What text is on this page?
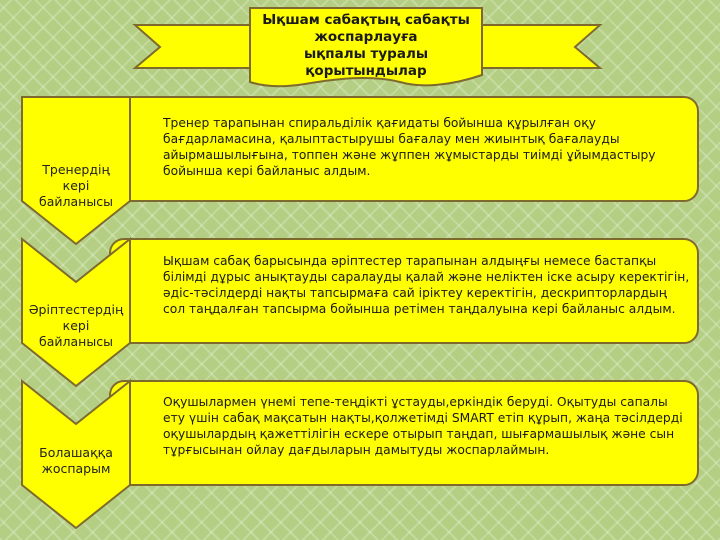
Ықшам сабақтың сабақты
жоспарлауға
ықпалы туралы
қорытындылар
Тренердің
кері
байланысы
Тренер тарапынан спиральділік қағидаты бойынша құрылған оқу бағдарламасина, қалыптастырушы бағалау мен жиынтық бағалауды айырмашылығына, топпен және жұппен жұмыстарды тиімді ұйымдастыру бойынша кері байланыс алдым.
Әріптестердің
кері
байланысы
Ықшам сабақ барысында әріптестер тарапынан алдыңғы немесе бастапқы білімді дұрыс анықтауды саралауды қалай және неліктен іске асыру керектігін, әдіс-тәсілдерді нақты тапсырмаға сай іріктеу керектігін, дескрипторлардың сол таңдалған тапсырма бойынша ретімен таңдалуына кері байланыс алдым.
Болашаққа
жоспарым
Оқушылармен үнемі тепе-теңдікті ұстауды,еркіндік беруді. Оқытуды сапалы ету үшін сабақ мақсатын нақты,қолжетімді SMART етіп құрып, жаңа тәсілдерді оқушылардың қажеттілігін ескере отырып таңдап, шығармашылық және сын тұрғысынан ойлау дағдыларын дамытуды жоспарлаймын.
